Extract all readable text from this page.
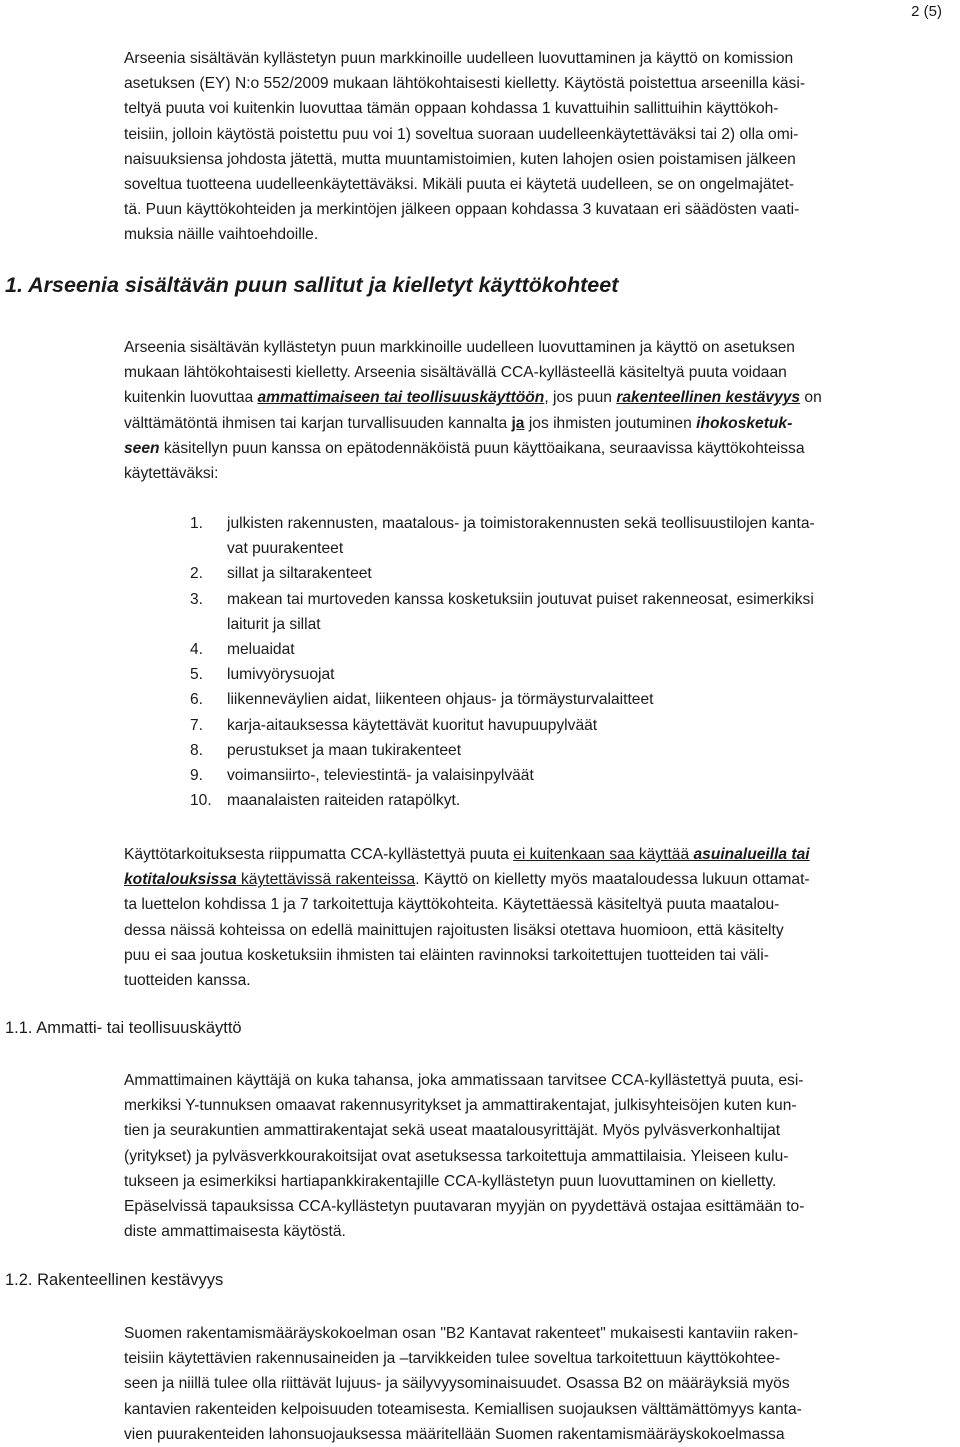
2 (5)
Arseenia sisältävän kyllästetyn puun markkinoille uudelleen luovuttaminen ja käyttö on komission
asetuksen (EY) N:o 552/2009 mukaan lähtökohtaisesti kielletty. Käytöstä poistettua arseenilla käsi-
teltyä puuta voi kuitenkin luovuttaa tämän oppaan kohdassa 1 kuvattuihin sallittuihin käyttökoh-
teisiin, jolloin käytöstä poistettu puu voi 1) soveltua suoraan uudelleenkäytettäväksi tai 2) olla omi-
naisuuksiensa johdosta jätettä, mutta muuntamistoimien, kuten lahojen osien poistamisen jälkeen
soveltua tuotteena uudelleenkäytettäväksi. Mikäli puuta ei käytetä uudelleen, se on ongelmajätet-
tä. Puun käyttökohteiden ja merkintöjen jälkeen oppaan kohdassa 3 kuvataan eri säädösten vaati-
muksia näille vaihtoehdoille.
1. Arseenia sisältävän puun sallitut ja kielletyt käyttökohteet
Arseenia sisältävän kyllästetyn puun markkinoille uudelleen luovuttaminen ja käyttö on asetuksen
mukaan lähtökohtaisesti kielletty. Arseenia sisältävällä CCA-kyllästeellä käsiteltyä puuta voidaan
kuitenkin luovuttaa ammattimaiseen tai teollisuuskäyttöön, jos puun rakenteellinen kestävyys on
välttämätöntä ihmisen tai karjan turvallisuuden kannalta ja jos ihmisten joutuminen ihokosketuk-
seen käsitellyn puun kanssa on epätodennäköistä puun käyttöaikana, seuraavissa käyttökohteissa
käytettäväksi:
1. julkisten rakennusten, maatalous- ja toimistorakennusten sekä teollisuustilojen kanta-
vat puurakenteet
2. sillat ja siltarakenteet
3. makean tai murtoveden kanssa kosketuksiin joutuvat puiset rakenneosat, esimerkiksi
laiturit ja sillat
4. meluaidat
5. lumivyörysuojat
6. liikenneväylien aidat, liikenteen ohjaus- ja törmäysturvalaitteet
7. karja-aitauksessa käytettävät kuoritut havupuupylväät
8. perustukset ja maan tukirakenteet
9. voimansiirto-, televiestintä- ja valaisinpylväät
10. maanalaisten raiteiden ratapölkyt.
Käyttötarkoituksesta riippumatta CCA-kyllästettyä puuta ei kuitenkaan saa käyttää asuinalueilla tai
kotitalouksissa käytettävissä rakenteissa. Käyttö on kielletty myös maataloudessa lukuun ottamat-
ta luettelon kohdissa 1 ja 7 tarkoitettuja käyttökohteita. Käytettäessä käsiteltyä puuta maatalou-
dessa näissä kohteissa on edellä mainittujen rajoitusten lisäksi otettava huomioon, että käsitelty
puu ei saa joutua kosketuksiin ihmisten tai eläinten ravinnoksi tarkoitettujen tuotteiden tai väli-
tuotteiden kanssa.
1.1. Ammatti- tai teollisuuskäyttö
Ammattimainen käyttäjä on kuka tahansa, joka ammatissaan tarvitsee CCA-kyllästettyä puuta, esi-
merkiksi Y-tunnuksen omaavat rakennusyritykset ja ammattirakentajat, julkisyhteisöjen kuten kun-
tien ja seurakuntien ammattirakentajat sekä useat maatalousyrittäjät. Myös pylväsverkonhaltijat
(yritykset) ja pylväsverkkourakoitsijat ovat asetuksessa tarkoitettuja ammattilaisia. Yleiseen kulu-
tukseen ja esimerkiksi hartiapankkirakentajille CCA-kyllästetyn puun luovuttaminen on kielletty.
Epäselvissä tapauksissa CCA-kyllästetyn puutavaran myyjän on pyydettävä ostajaa esittämään to-
diste ammattimaisesta käytöstä.
1.2. Rakenteellinen kestävyys
Suomen rakentamismääräyskokoelman osan "B2 Kantavat rakenteet" mukaisesti kantaviin raken-
teisiin käytettävien rakennusaineiden ja –tarvikkeiden tulee soveltua tarkoitettuun käyttökohtee-
seen ja niillä tulee olla riittävät lujuus- ja säilyvyysominaisuudet. Osassa B2 on määräyksiä myös
kantavien rakenteiden kelpoisuuden toteamisesta. Kemiallisen suojauksen välttämättömyys kanta-
vien puurakenteiden lahonsuojauksessa määritellään Suomen rakentamismääräyskokoelmassa
